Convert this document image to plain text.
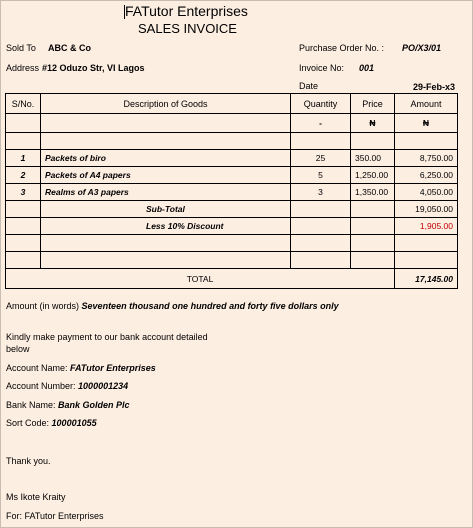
FATutor Enterprises
SALES INVOICE
Sold To ABC & Co
Address #12 Oduzo Str, VI Lagos
Purchase Order No. : PO/X3/01
Invoice No: 001
Date	29-Feb-x3
S/No.	Description of Goods	Quantity	Price	Amount
		-	₦	₦

1	Packets of biro	25	350.00	8,750.00
2	Packets of A4 papers	5	1,250.00	6,250.00
3	Realms of A3 papers	3	1,350.00	4,050.00
	Sub-Total			19,050.00
	Less 10% Discount			1,905.00

TOTAL				17,145.00
Amount (in words) Seventeen thousand one hundred and forty five dollars only
Kindly make payment to our bank account detailed
below
Account Name: FATutor Enterprises
Account Number: 1000001234
Bank Name: Bank Golden Plc
Sort Code: 100001055
Thank you.
Ms Ikote Kraity
For: FATutor Enterprises
